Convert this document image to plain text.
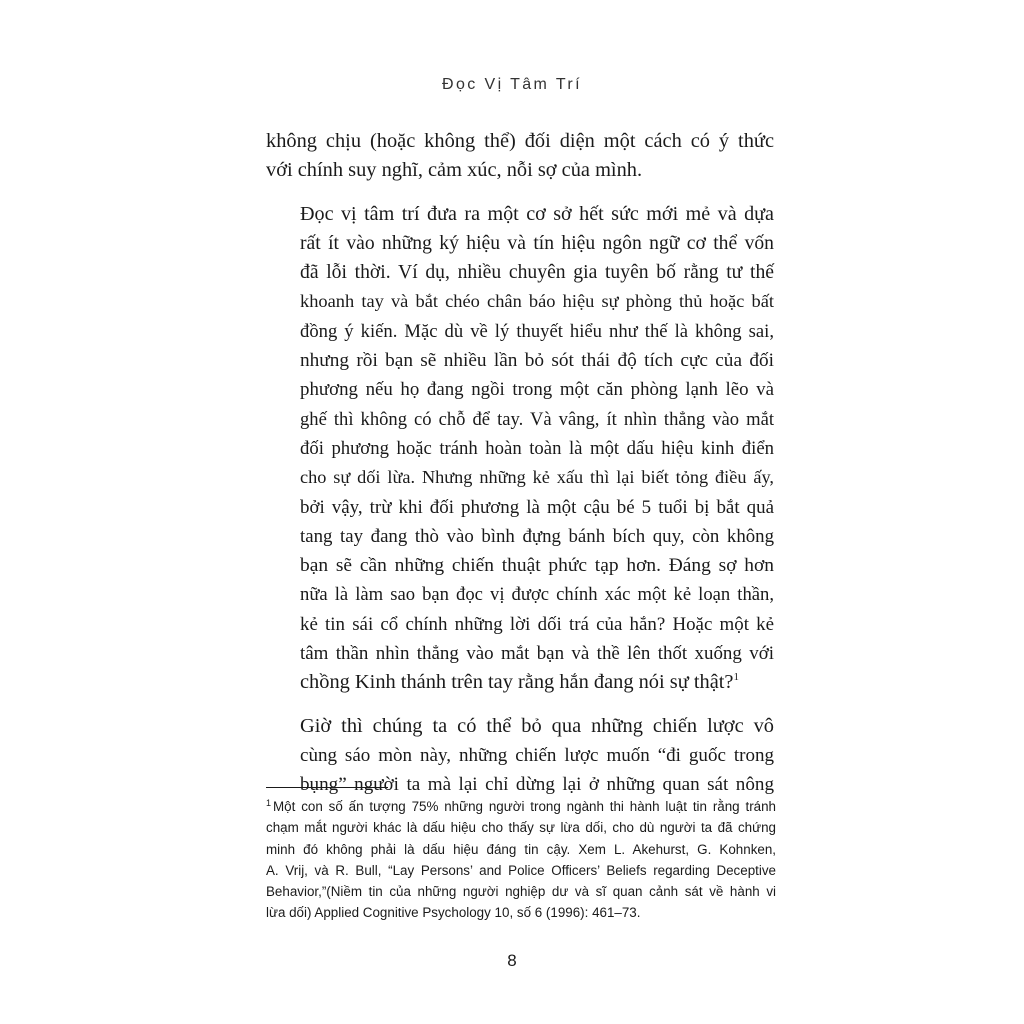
Đọc Vị Tâm Trí

không chịu (hoặc không thể) đối diện một cách có ý thức
với chính suy nghĩ, cảm xúc, nỗi sợ của mình.

Đọc vị tâm trí đưa ra một cơ sở hết sức mới mẻ và dựa
rất ít vào những ký hiệu và tín hiệu ngôn ngữ cơ thể vốn
đã lỗi thời. Ví dụ, nhiều chuyên gia tuyên bố rằng tư thế
khoanh tay và bắt chéo chân báo hiệu sự phòng thủ hoặc bất
đồng ý kiến. Mặc dù về lý thuyết hiểu như thế là không sai,
nhưng rồi bạn sẽ nhiều lần bỏ sót thái độ tích cực của đối
phương nếu họ đang ngồi trong một căn phòng lạnh lẽo và
ghế thì không có chỗ để tay. Và vâng, ít nhìn thẳng vào mắt
đối phương hoặc tránh hoàn toàn là một dấu hiệu kinh điển
cho sự dối lừa. Nhưng những kẻ xấu thì lại biết tỏng điều ấy,
bởi vậy, trừ khi đối phương là một cậu bé 5 tuổi bị bắt quả
tang tay đang thò vào bình đựng bánh bích quy, còn không
bạn sẽ cần những chiến thuật phức tạp hơn. Đáng sợ hơn
nữa là làm sao bạn đọc vị được chính xác một kẻ loạn thần,
kẻ tin sái cổ chính những lời dối trá của hắn? Hoặc một kẻ
tâm thần nhìn thẳng vào mắt bạn và thề lên thốt xuống với
chồng Kinh thánh trên tay rằng hắn đang nói sự thật?$^1$

Giờ thì chúng ta có thể bỏ qua những chiến lược vô
cùng sáo mòn này, những chiến lược muốn “đi guốc trong
bụng” người ta mà lại chỉ dừng lại ở những quan sát nông

$^1$ Một con số ấn tượng 75% những người trong ngành thi hành luật tin rằng tránh
chạm mắt người khác là dấu hiệu cho thấy sự lừa dối, cho dù người ta đã chứng
minh đó không phải là dấu hiệu đáng tin cậy. Xem L. Akehurst, G. Kohnken,
A. Vrij, và R. Bull, “Lay Persons’ and Police Officers’ Beliefs regarding Deceptive
Behavior,”(Niềm tin của những người nghiệp dư và sĩ quan cảnh sát về hành vi
lừa dối) Applied Cognitive Psychology 10, số 6 (1996): 461–73.
8
